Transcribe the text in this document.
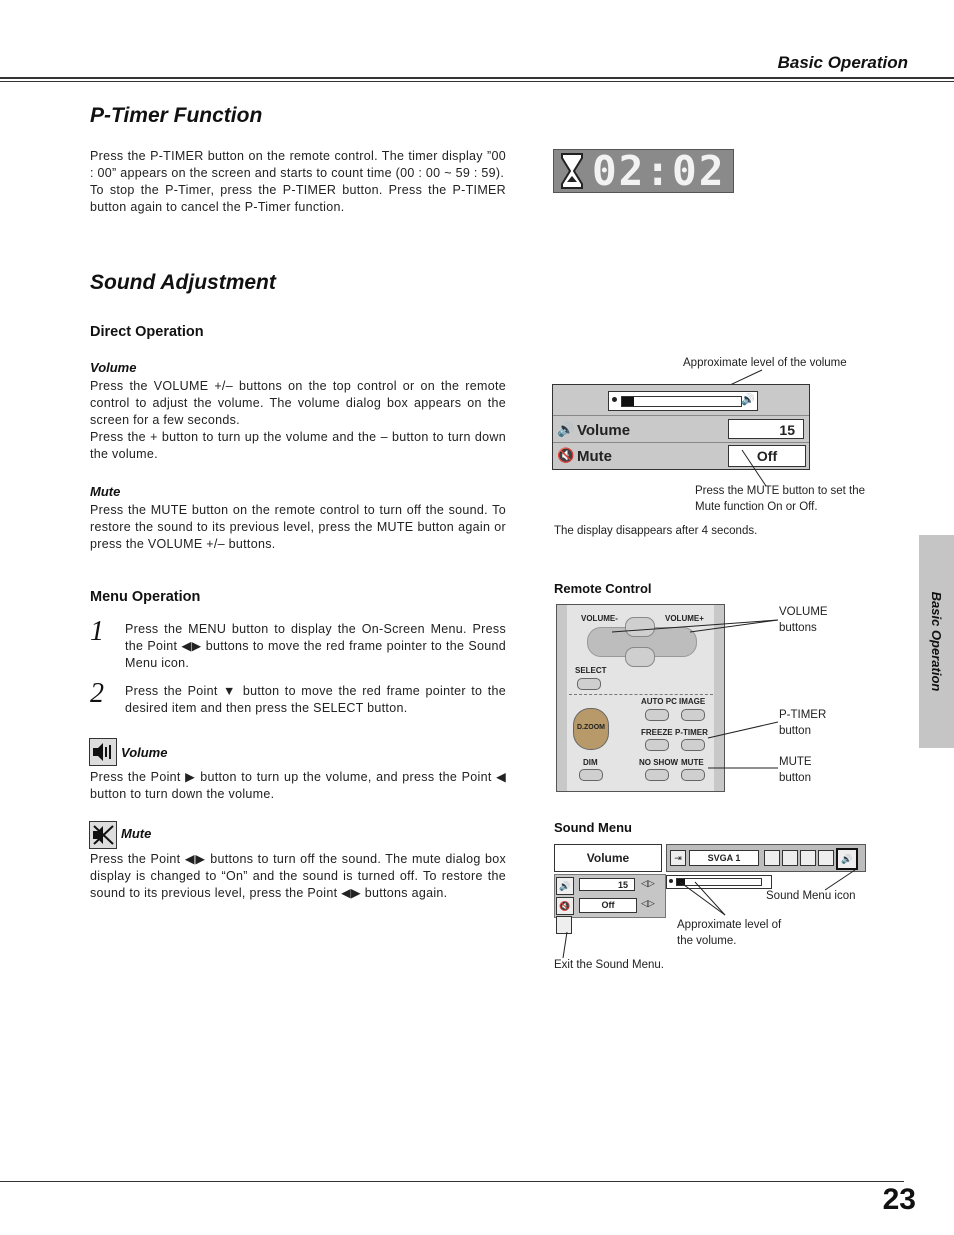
Basic Operation
P-Timer Function

Press the P-TIMER button on the remote control. The timer display ”00 : 00” appears on the screen and starts to count time (00 : 00 ~ 59 : 59).

To stop the P-Timer, press the P-TIMER button. Press the P-TIMER button again to cancel the P-Timer function.

02:02
Sound Adjustment
Direct Operation
Volume

Press the VOLUME +/– buttons on the top control or on the remote control to adjust the volume. The volume dialog box appears on the screen for a few seconds.

Press the + button to turn up the volume and the – button to turn down the volume.

Mute
Press the MUTE button on the remote control to turn off the sound. To restore the sound to its previous level, press the MUTE button again or press the VOLUME +/– buttons.
Approximate level of the volume
🔊
🔊 Volume	15
🔇 Mute	Off
Press the MUTE button to set the Mute function On or Off.
The display disappears after 4 seconds.
Menu Operation
1 Press the MENU button to display the On-Screen Menu. Press the Point ◀▶ buttons to move the red frame pointer to the Sound Menu icon.
2 Press the Point ▼ button to move the red frame pointer to the desired item and then press the SELECT button.
Volume
Press the Point ▶ button to turn up the volume, and press the Point ◀ button to turn down the volume.
Mute
Press the Point ◀▶ buttons to turn off the sound. The mute dialog box display is changed to “On” and the sound is turned off. To restore the sound to its previous level, press the Point ◀▶ buttons again.
Remote Control
VOLUME-	VOLUME+
SELECT
AUTO PC IMAGE
D.ZOOM
FREEZE P-TIMER
DIM	NO SHOW MUTE
VOLUME buttons
P-TIMER button
MUTE button
Sound Menu
Volume	⇥	SVGA 1	🔊
🔊	15	◁▷
🔇	Off	◁▷
Sound Menu icon
Approximate level of the volume.
Exit the Sound Menu.
Basic Operation
23
